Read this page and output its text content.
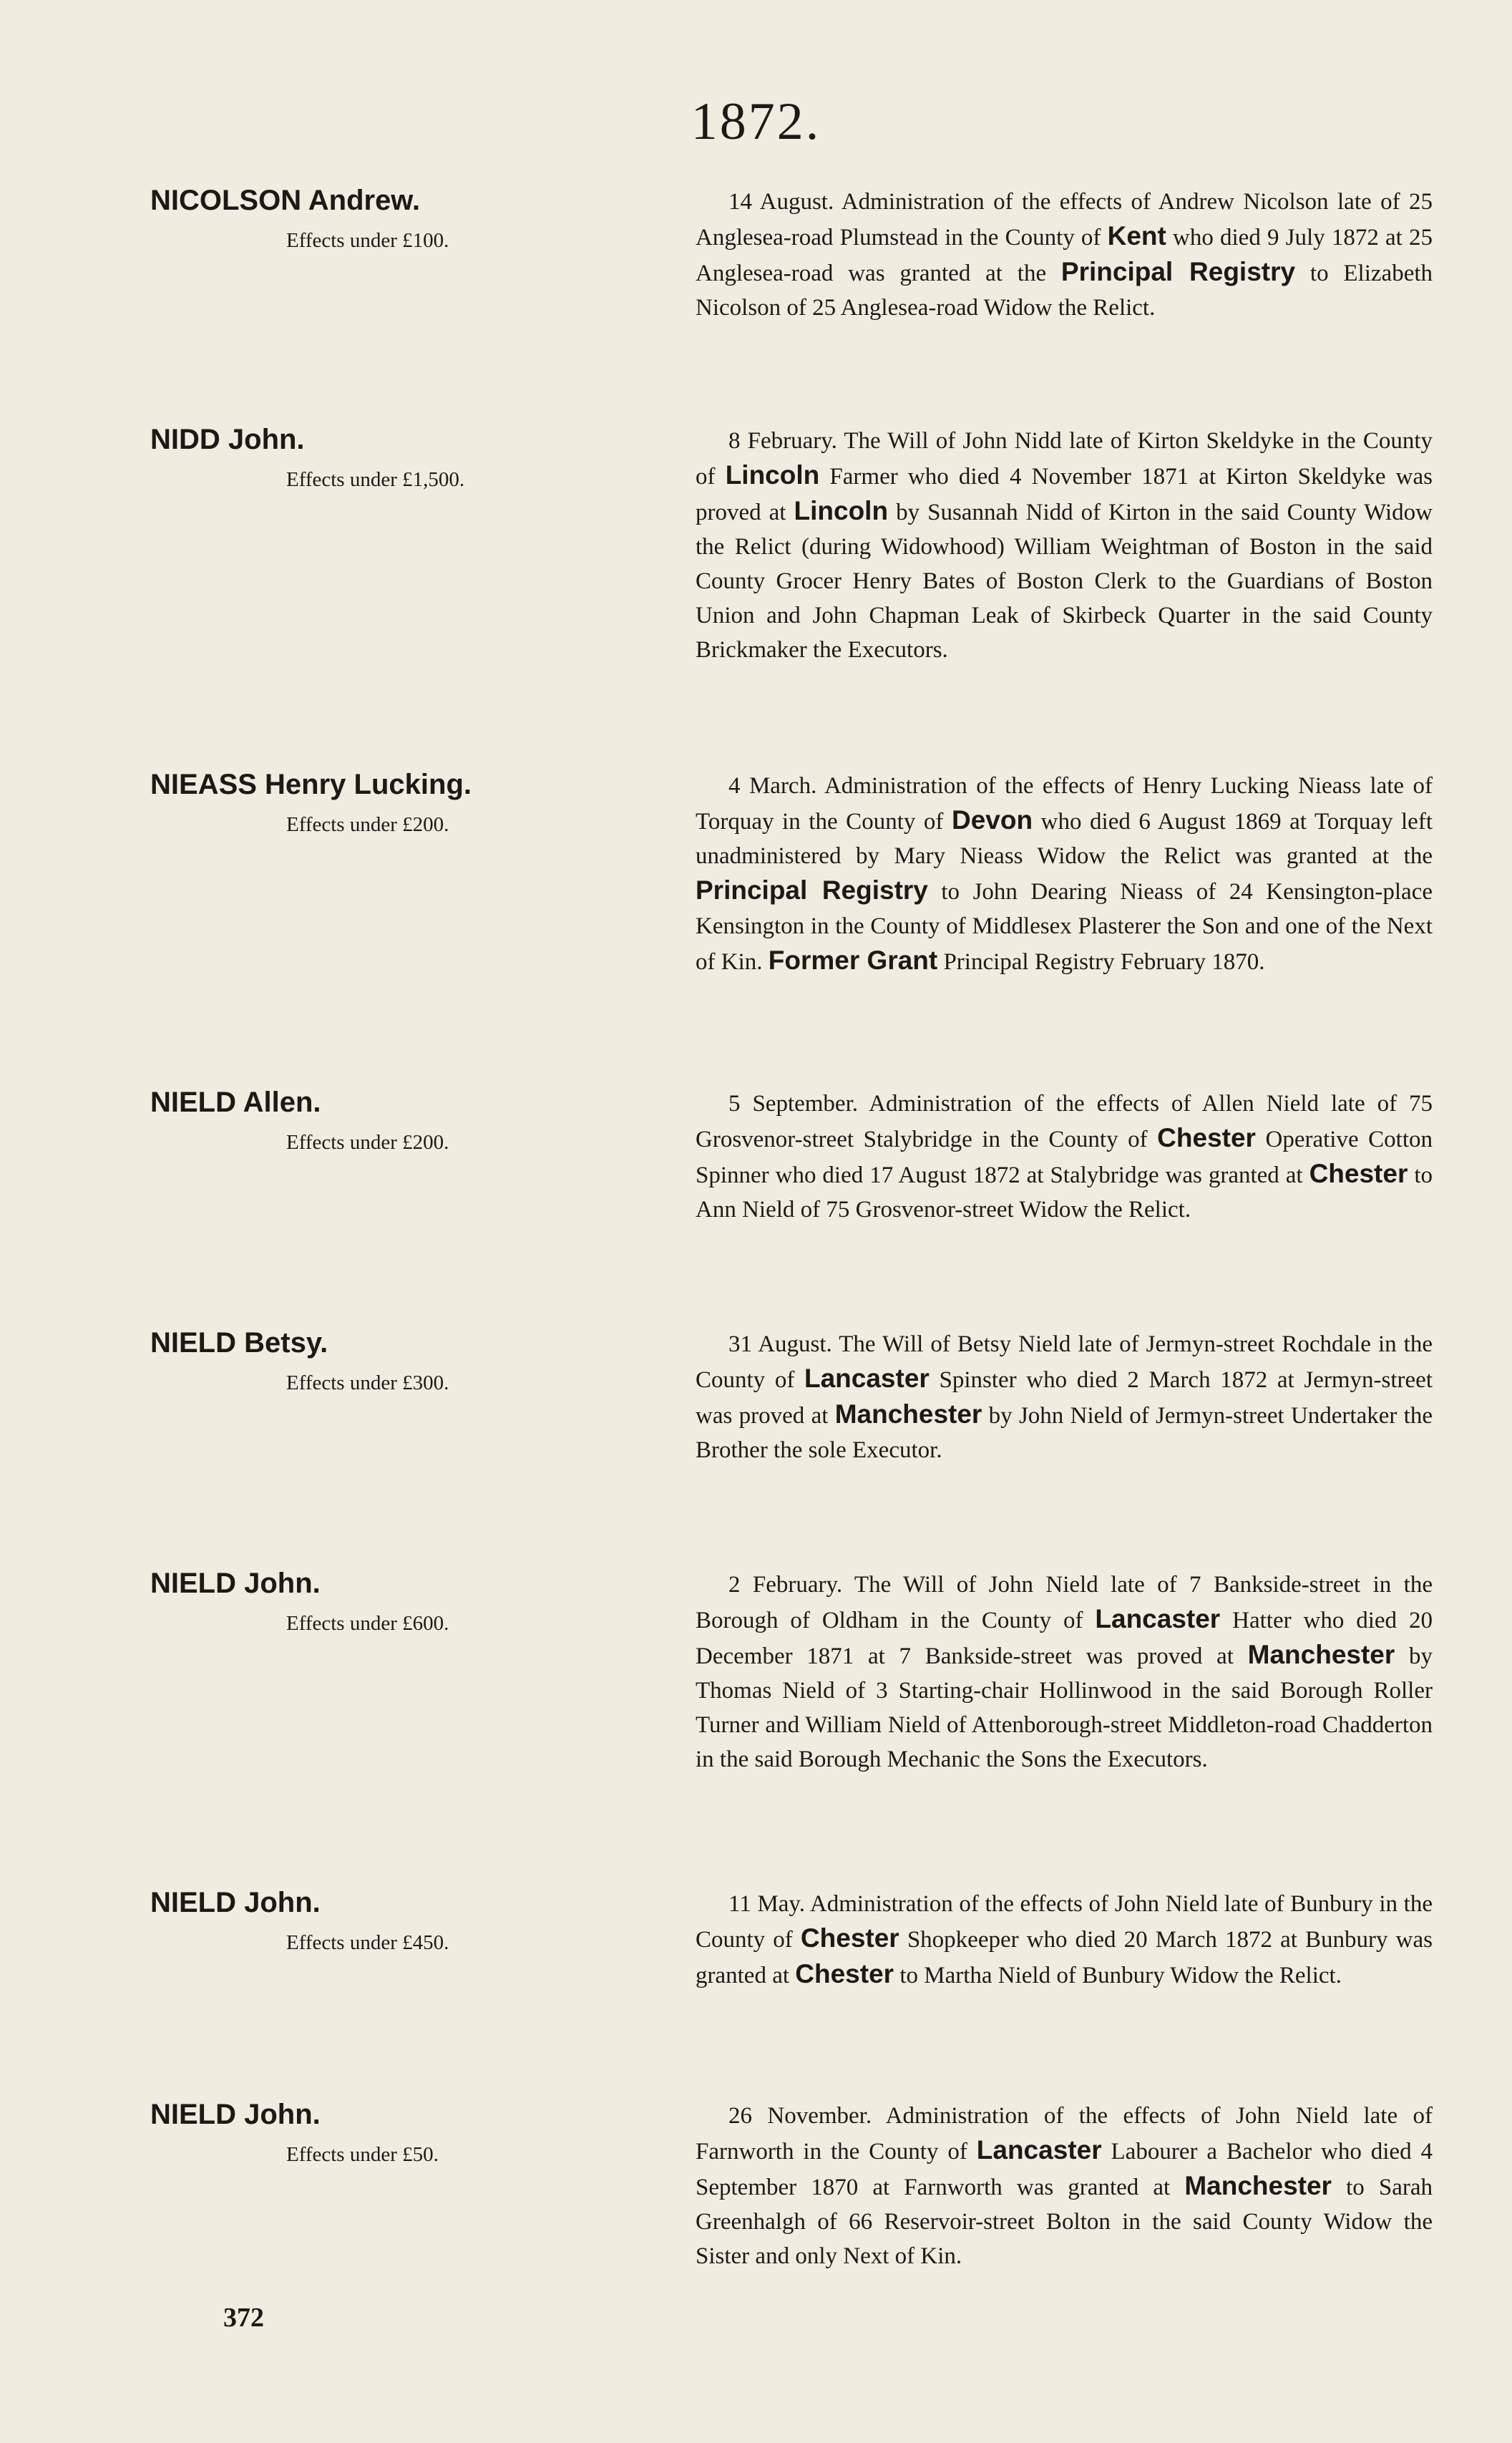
1872.
NICOLSON Andrew.
Effects under £100.
14 August. Administration of the effects of Andrew Nicolson late of 25 Anglesea-road Plumstead in the County of Kent who died 9 July 1872 at 25 Anglesea-road was granted at the Principal Registry to Elizabeth Nicolson of 25 Anglesea-road Widow the Relict.
NIDD John.
Effects under £1,500.
8 February. The Will of John Nidd late of Kirton Skeldyke in the County of Lincoln Farmer who died 4 November 1871 at Kirton Skeldyke was proved at Lincoln by Susannah Nidd of Kirton in the said County Widow the Relict (during Widowhood) William Weightman of Boston in the said County Grocer Henry Bates of Boston Clerk to the Guardians of Boston Union and John Chapman Leak of Skirbeck Quarter in the said County Brickmaker the Executors.
NIEASS Henry Lucking.
Effects under £200.
4 March. Administration of the effects of Henry Lucking Nieass late of Torquay in the County of Devon who died 6 August 1869 at Torquay left unadministered by Mary Nieass Widow the Relict was granted at the Principal Registry to John Dearing Nieass of 24 Kensington-place Kensington in the County of Middlesex Plasterer the Son and one of the Next of Kin. Former Grant Principal Registry February 1870.
NIELD Allen.
Effects under £200.
5 September. Administration of the effects of Allen Nield late of 75 Grosvenor-street Stalybridge in the County of Chester Operative Cotton Spinner who died 17 August 1872 at Stalybridge was granted at Chester to Ann Nield of 75 Grosvenor-street Widow the Relict.
NIELD Betsy.
Effects under £300.
31 August. The Will of Betsy Nield late of Jermyn-street Rochdale in the County of Lancaster Spinster who died 2 March 1872 at Jermyn-street was proved at Manchester by John Nield of Jermyn-street Undertaker the Brother the sole Executor.
NIELD John.
Effects under £600.
2 February. The Will of John Nield late of 7 Bankside-street in the Borough of Oldham in the County of Lancaster Hatter who died 20 December 1871 at 7 Bankside-street was proved at Manchester by Thomas Nield of 3 Starting-chair Hollinwood in the said Borough Roller Turner and William Nield of Attenborough-street Middleton-road Chadderton in the said Borough Mechanic the Sons the Executors.
NIELD John.
Effects under £450.
11 May. Administration of the effects of John Nield late of Bunbury in the County of Chester Shopkeeper who died 20 March 1872 at Bunbury was granted at Chester to Martha Nield of Bunbury Widow the Relict.
NIELD John.
Effects under £50.
26 November. Administration of the effects of John Nield late of Farnworth in the County of Lancaster Labourer a Bachelor who died 4 September 1870 at Farnworth was granted at Manchester to Sarah Greenhalgh of 66 Reservoir-street Bolton in the said County Widow the Sister and only Next of Kin.
372
